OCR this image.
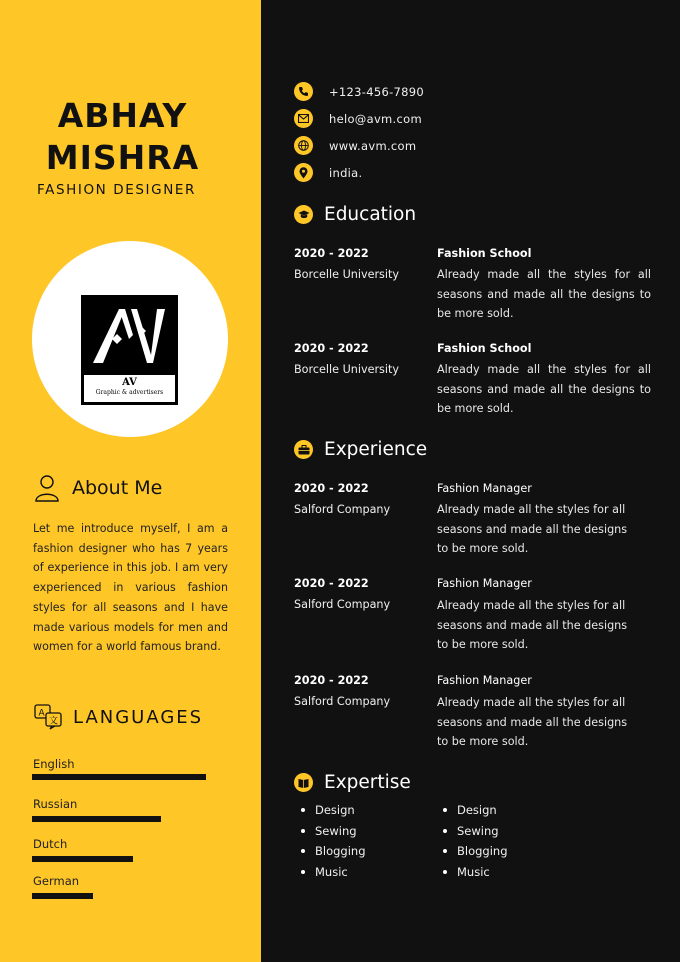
ABHAY
MISHRA
FASHION DESIGNER
AV
Graphic & advertisers
About Me
Let me introduce myself, I am a fashion designer who has 7 years of experience in this job. I am very experienced in various fashion styles for all seasons and I have made various models for men and women for a world famous brand.
A
文 LANGUAGES
English
Russian
Dutch
German
+123-456-7890
helo@avm.com
www.avm.com
india.
Education
2020 - 2022
Borcelle University
Fashion School
Already made all the styles for all seasons and made all the designs to be more sold.
2020 - 2022
Borcelle University
Fashion School
Already made all the styles for all seasons and made all the designs to be more sold.
Experience
2020 - 2022
Salford Company
Fashion Manager
Already made all the styles for all seasons and made all the designs to be more sold.
2020 - 2022
Salford Company
Fashion Manager
Already made all the styles for all seasons and made all the designs to be more sold.
2020 - 2022
Salford Company
Fashion Manager
Already made all the styles for all seasons and made all the designs to be more sold.
Expertise
Design
Sewing
Blogging
Music
Design
Sewing
Blogging
Music
